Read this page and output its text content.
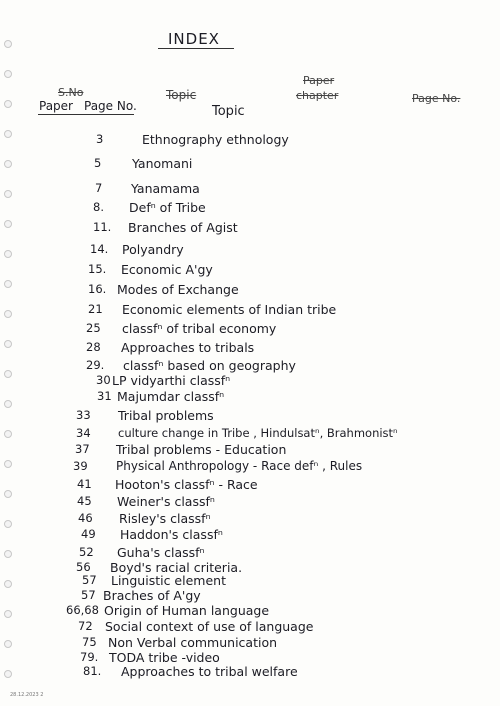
INDEX
S.No
Paper Page No.
Topic
Topic
Paper
chapter	Page No.
3	Ethnography ethnology
5 Yanomani
7 Yanamama
8. Defⁿ of Tribe
11. Branches of Agist
14. Polyandry
15. Economic A'gy
16. Modes of Exchange
21 Economic elements of Indian tribe
25 classfⁿ of tribal economy
28 Approaches to tribals
29. classfⁿ based on geography
30 LP vidyarthi classfⁿ
31 Majumdar classfⁿ
33 Tribal problems
34 culture change in Tribe , Hindulsatⁿ, Brahmonistⁿ
37 Tribal problems - Education
39 Physical Anthropology - Race defⁿ , Rules
41 Hooton's classfⁿ - Race
45 Weiner's classfⁿ
46 Risley's classfⁿ
49 Haddon's classfⁿ
52 Guha's classfⁿ
56 Boyd's racial criteria.
57 Linguistic element
57 Braches of A'gy
66,68 Origin of Human language
72 Social context of use of language
75 Non Verbal communication
79. TODA tribe -video
81. Approaches to tribal welfare
28.12.2023 2
